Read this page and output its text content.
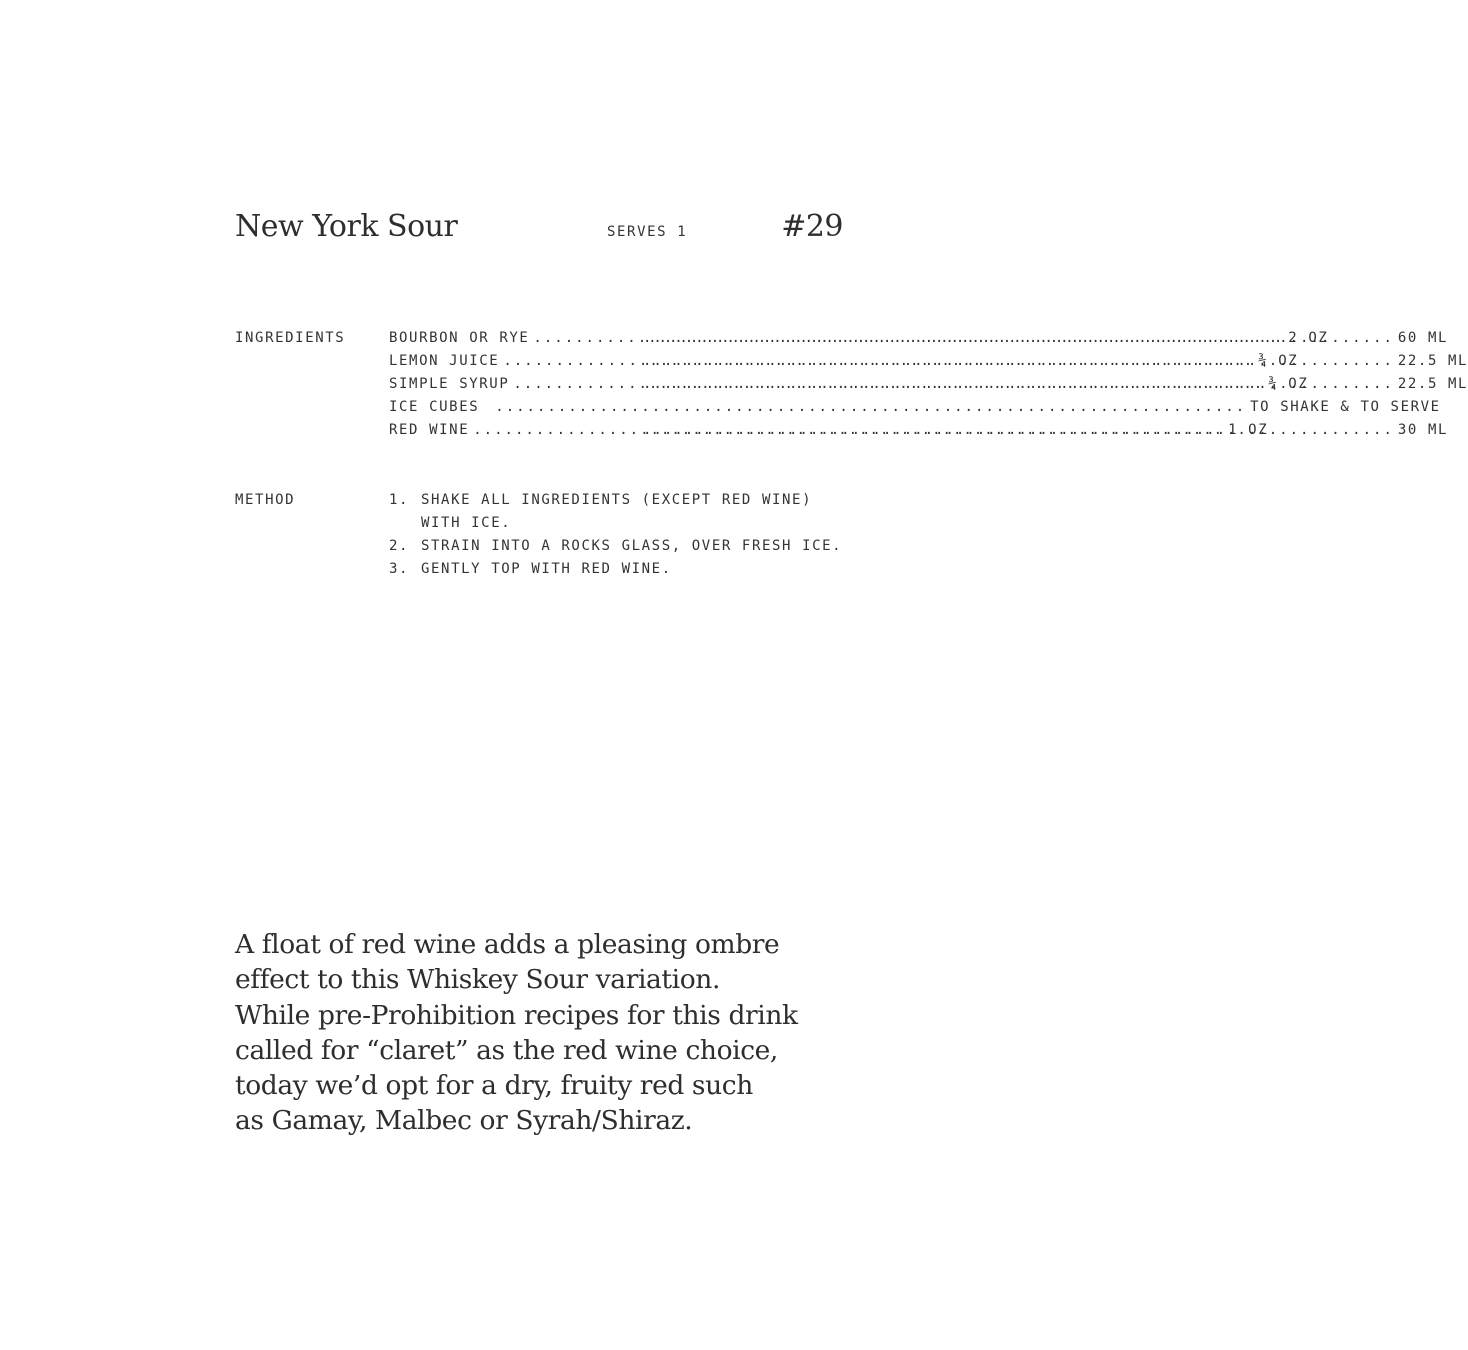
New York Sour	SERVES 1	#29
INGREDIENTS	BOURBON OR RYE .....	2 OZ .....	60 ML
LEMON JUICE .....	¾ OZ .....	22.5 ML
SIMPLE SYRUP .....	¾ OZ .....	22.5 ML
ICE CUBES .....	TO SHAKE & TO SERVE
RED WINE .....	1 OZ .....	30 ML
METHOD	1. SHAKE ALL INGREDIENTS (EXCEPT RED WINE) WITH ICE.
2. STRAIN INTO A ROCKS GLASS, OVER FRESH ICE.
3. GENTLY TOP WITH RED WINE.

A float of red wine adds a pleasing ombre
effect to this Whiskey Sour variation.
While pre-Prohibition recipes for this drink
called for “claret” as the red wine choice,
today we’d opt for a dry, fruity red such
as Gamay, Malbec or Syrah/Shiraz.
